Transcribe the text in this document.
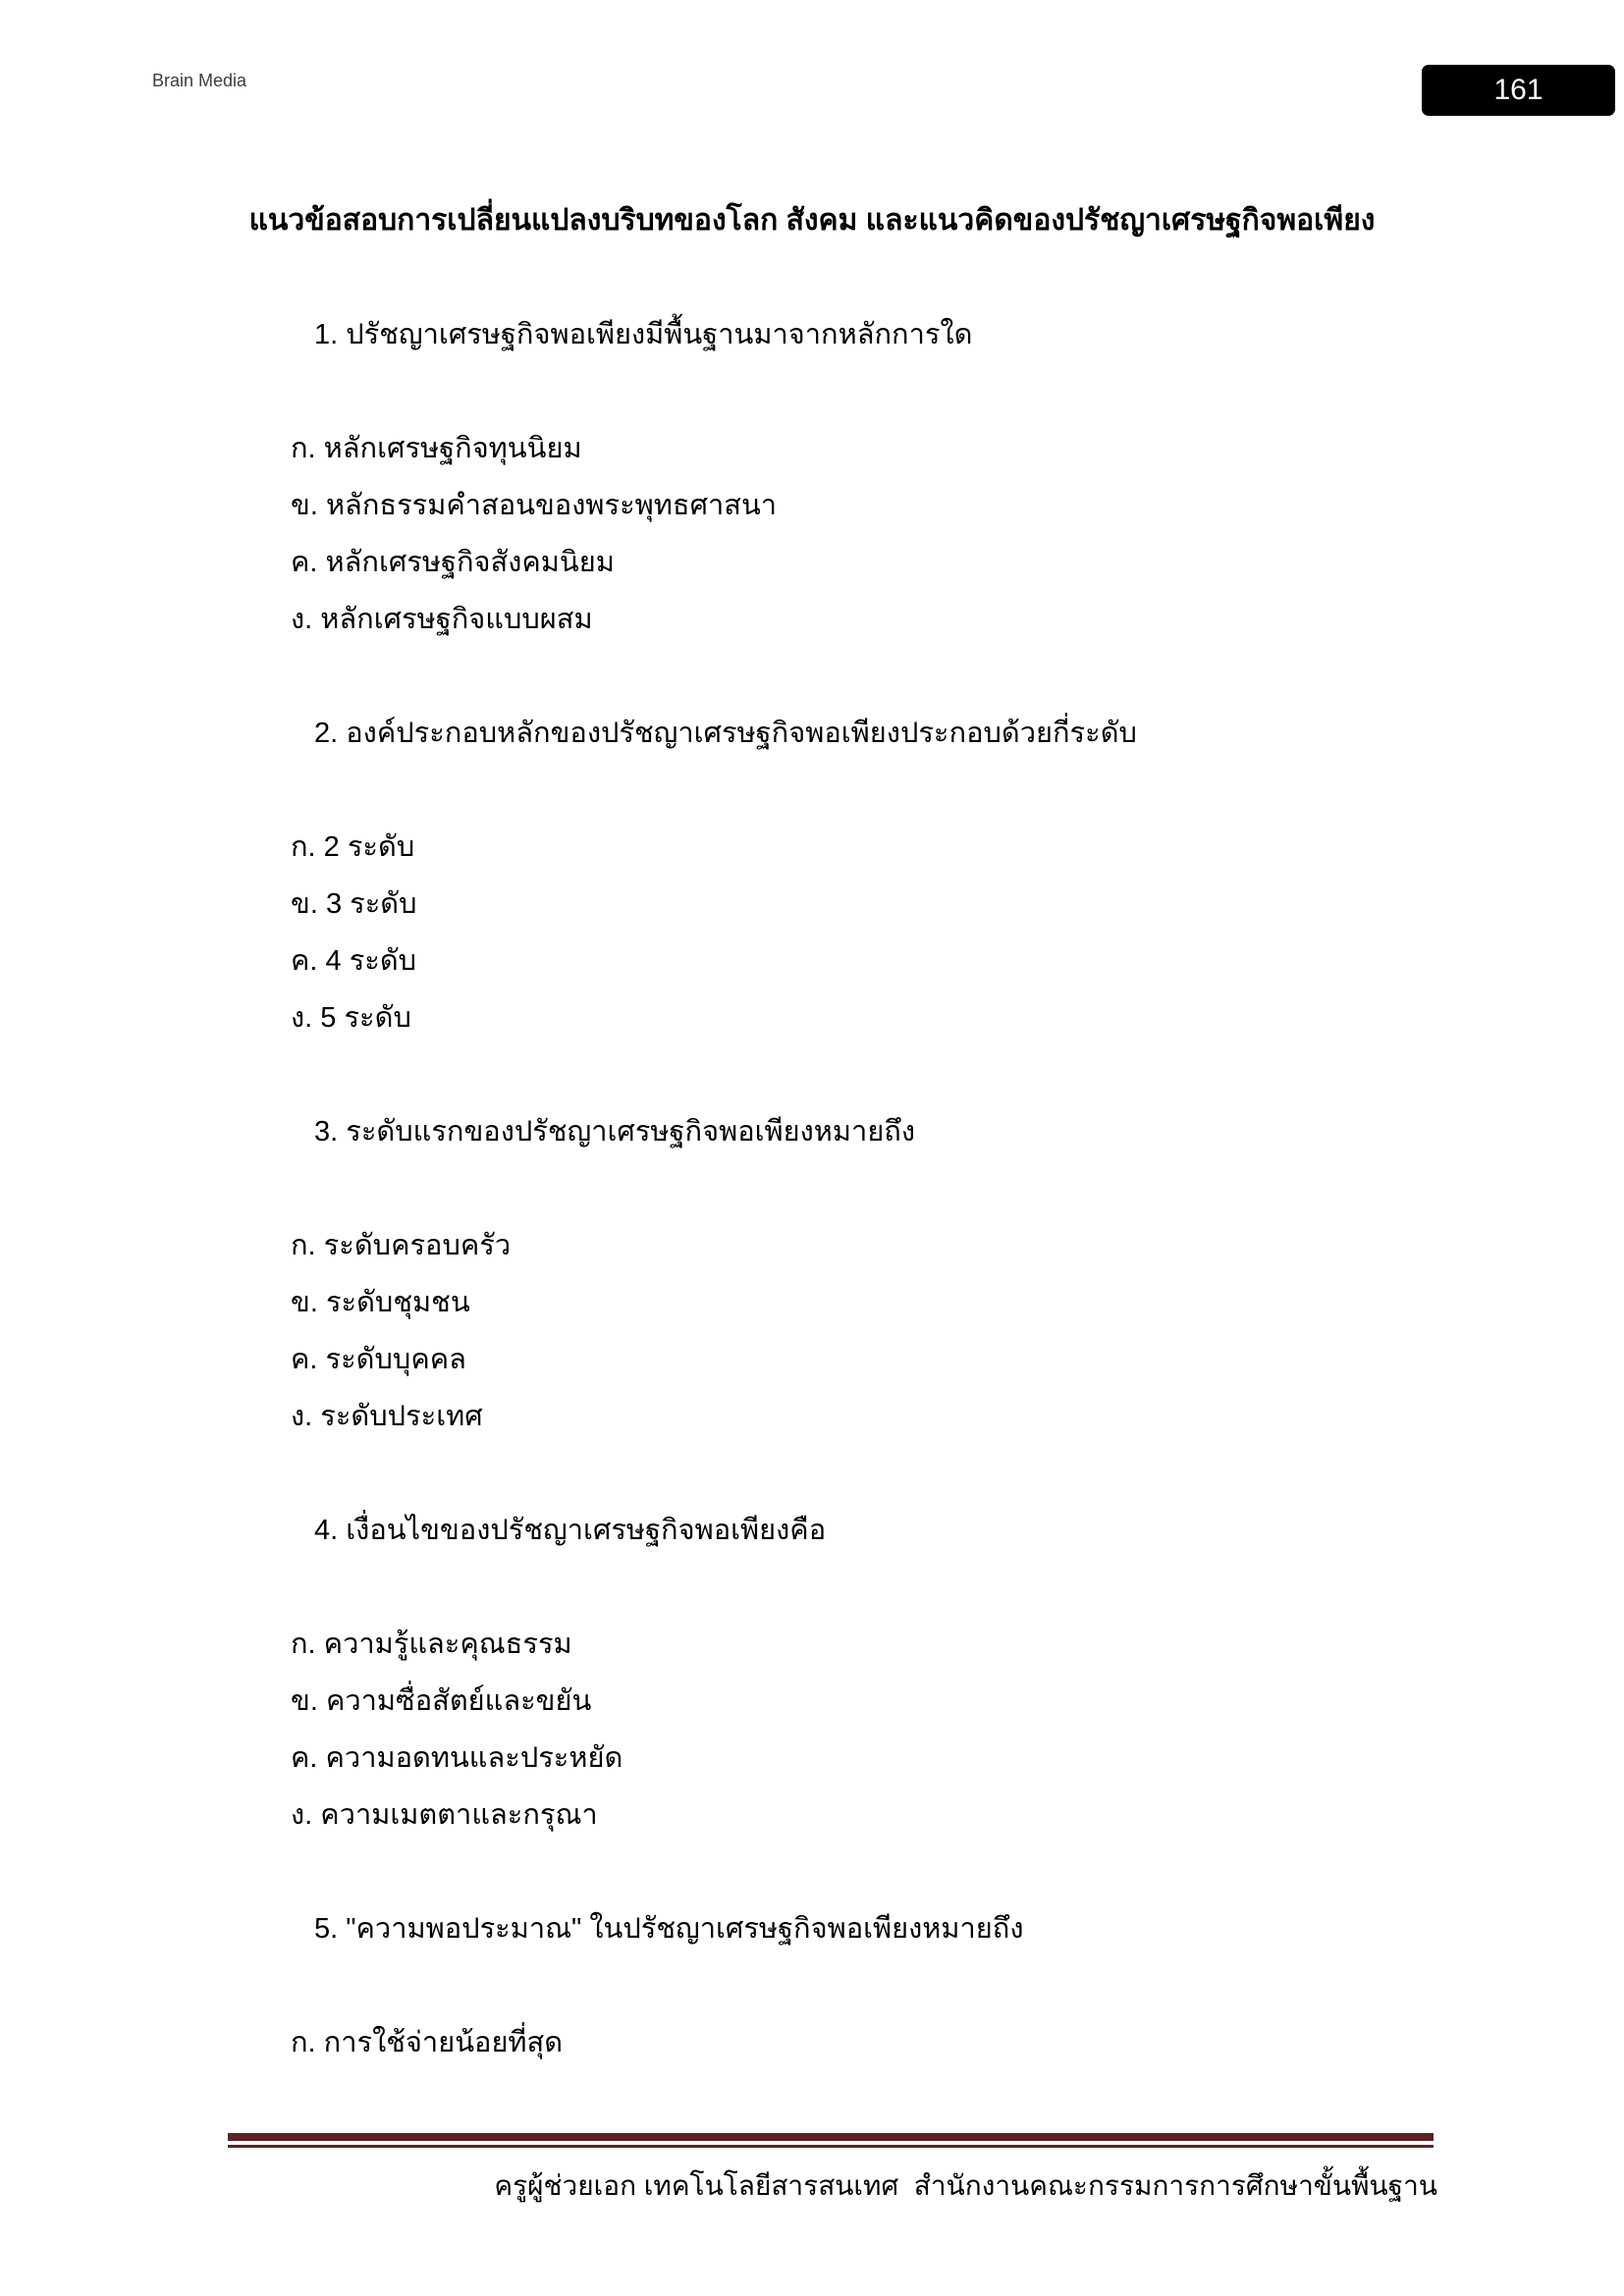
Brain Media	161
แนวข้อสอบการเปลี่ยนแปลงบริบทของโลก สังคม และแนวคิดของปรัชญาเศรษฐกิจพอเพียง
1. ปรัชญาเศรษฐกิจพอเพียงมีพื้นฐานมาจากหลักการใด
ก. หลักเศรษฐกิจทุนนิยม
ข. หลักธรรมคำสอนของพระพุทธศาสนา
ค. หลักเศรษฐกิจสังคมนิยม
ง. หลักเศรษฐกิจแบบผสม
2. องค์ประกอบหลักของปรัชญาเศรษฐกิจพอเพียงประกอบด้วยกี่ระดับ
ก. 2 ระดับ
ข. 3 ระดับ
ค. 4 ระดับ
ง. 5 ระดับ
3. ระดับแรกของปรัชญาเศรษฐกิจพอเพียงหมายถึง
ก. ระดับครอบครัว
ข. ระดับชุมชน
ค. ระดับบุคคล
ง. ระดับประเทศ
4. เงื่อนไขของปรัชญาเศรษฐกิจพอเพียงคือ
ก. ความรู้และคุณธรรม
ข. ความซื่อสัตย์และขยัน
ค. ความอดทนและประหยัด
ง. ความเมตตาและกรุณา
5. "ความพอประมาณ" ในปรัชญาเศรษฐกิจพอเพียงหมายถึง
ก. การใช้จ่ายน้อยที่สุด
ครูผู้ช่วยเอก เทคโนโลยีสารสนเทศ  สำนักงานคณะกรรมการการศึกษาขั้นพื้นฐาน
